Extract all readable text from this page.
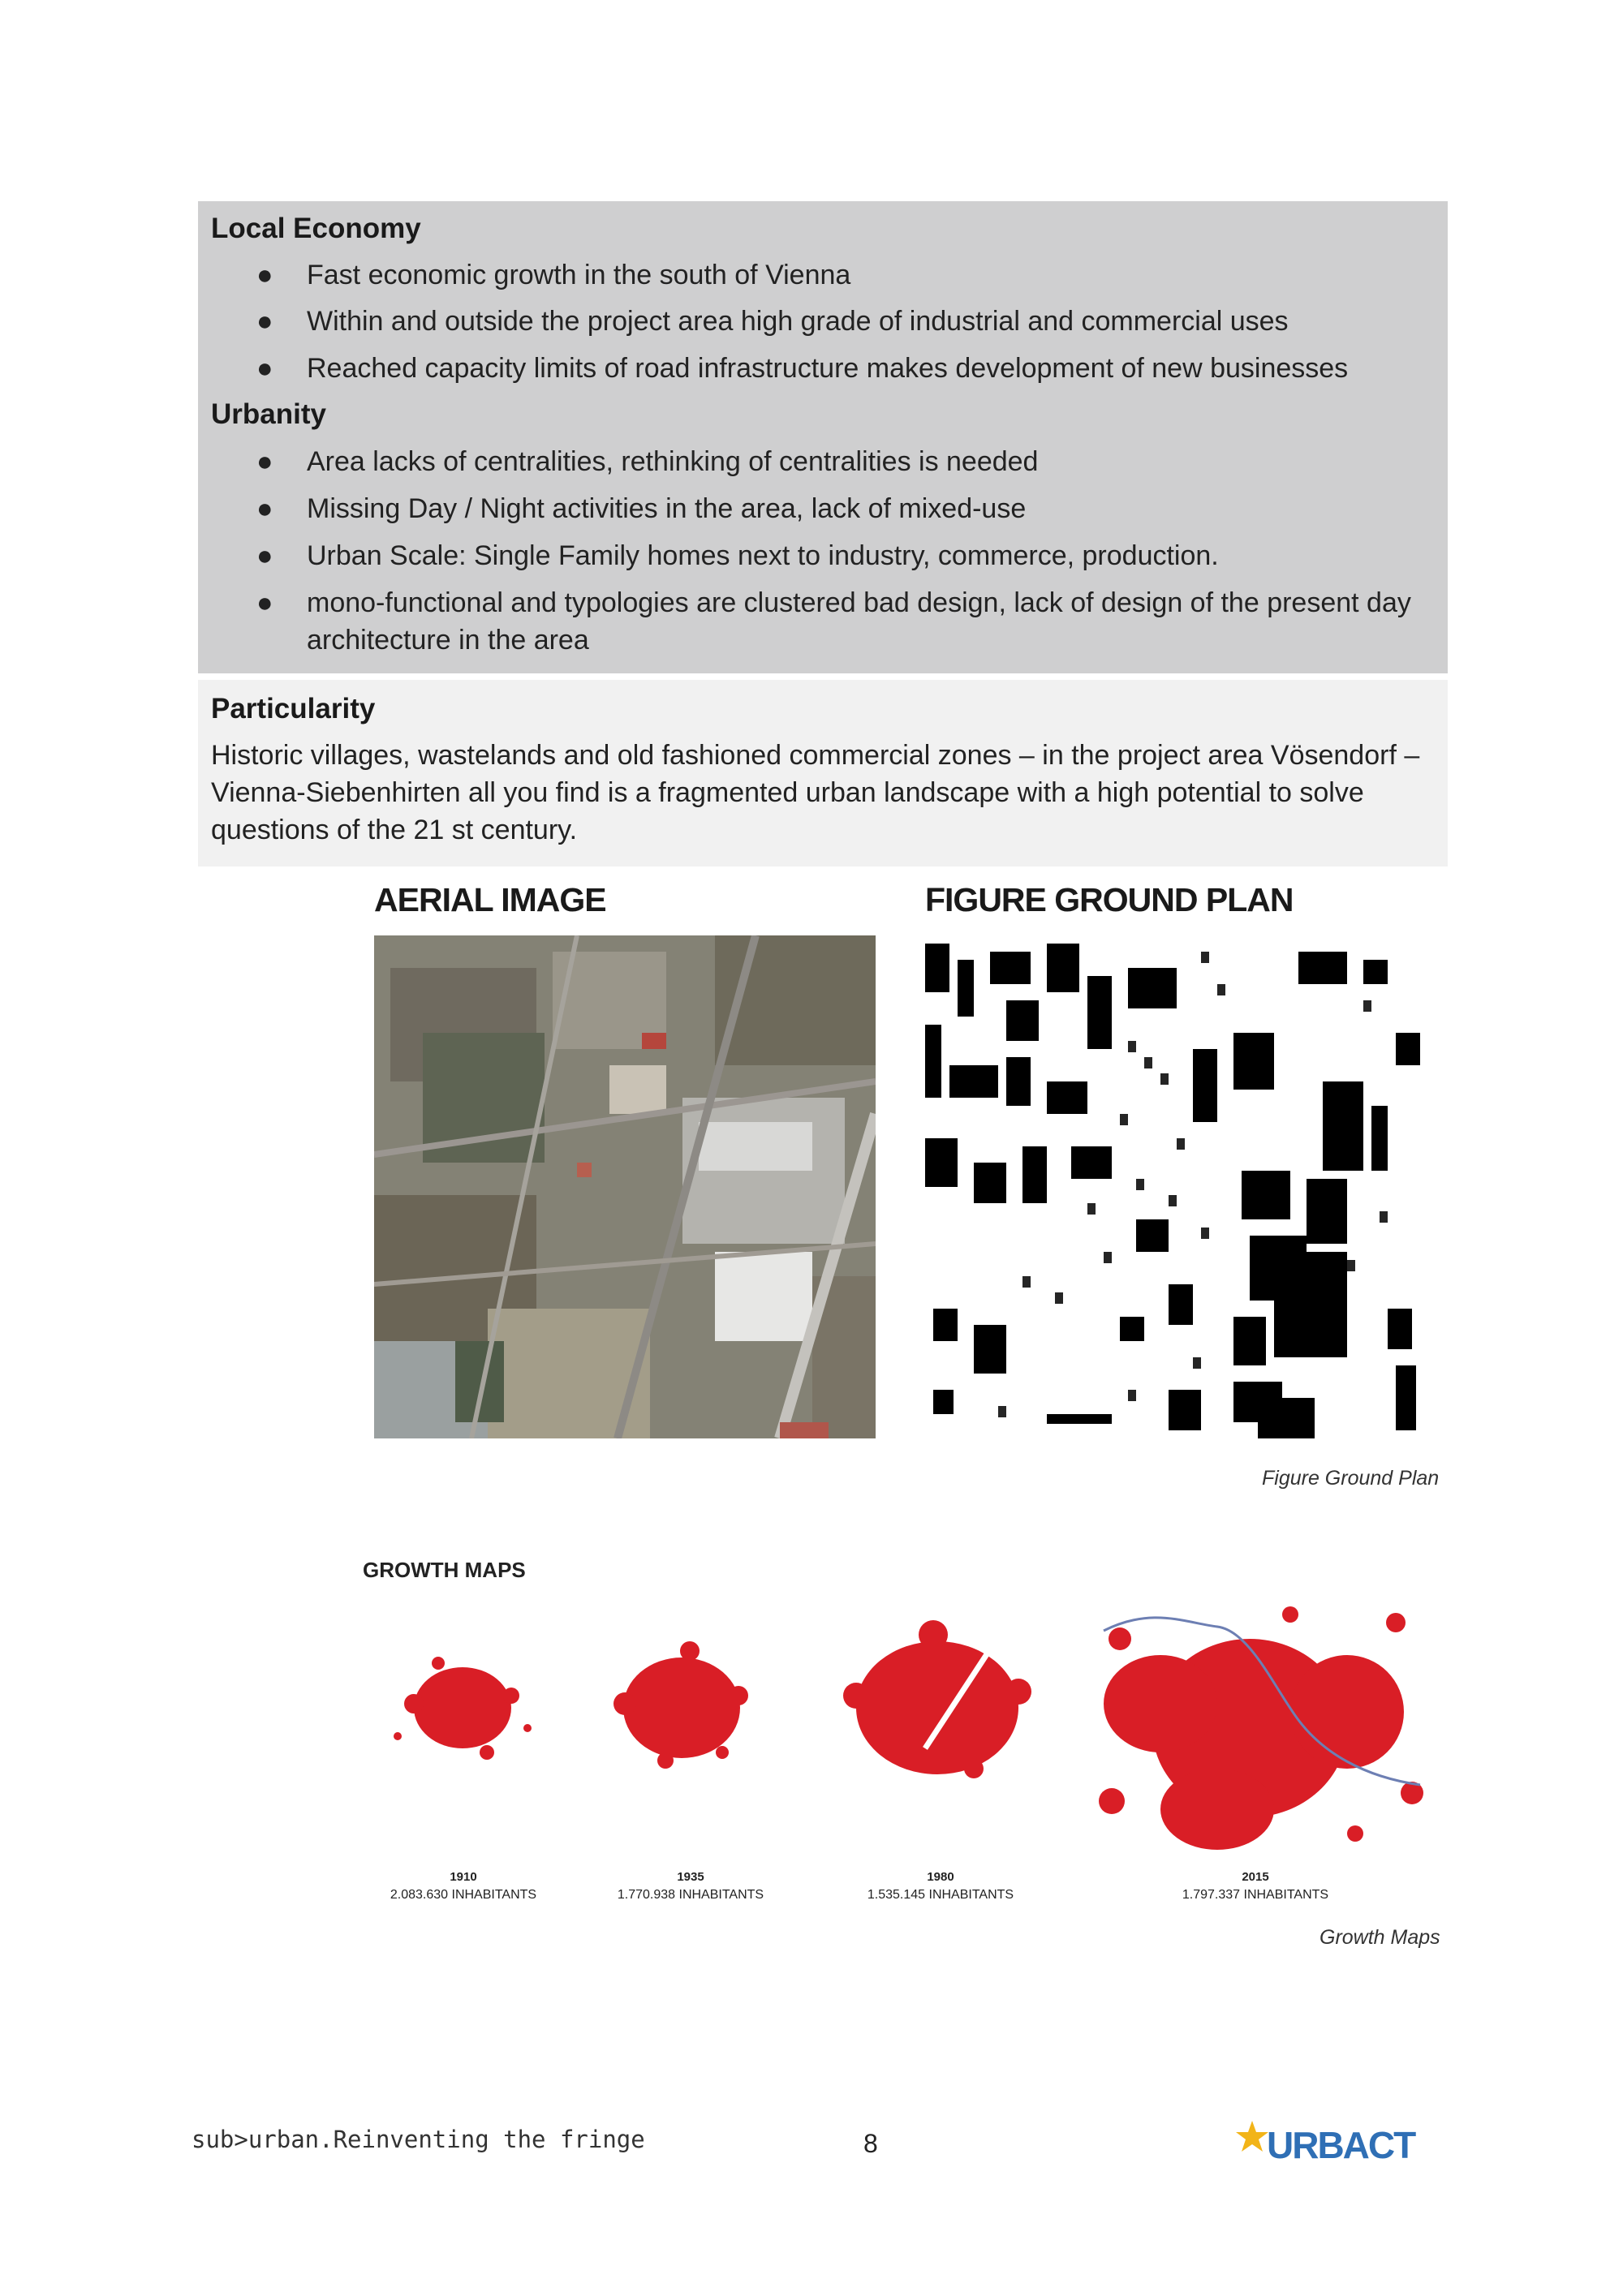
Local Economy
● Fast economic growth in the south of Vienna
● Within and outside the project area high grade of industrial and commercial uses
● Reached capacity limits of road infrastructure makes development of new businesses
Urbanity
● Area lacks of centralities, rethinking of centralities is needed
● Missing Day / Night activities in the area, lack of mixed-use
● Urban Scale: Single Family homes next to industry, commerce, production.
● mono-functional and typologies are clustered bad design, lack of design of the present day architecture in the area
Particularity
Historic villages, wastelands and old fashioned commercial zones – in the project area Vösendorf – Vienna-Siebenhirten all you find is a fragmented urban landscape with a high potential to solve questions of the 21 st century.
AERIAL IMAGE	FIGURE GROUND PLAN
Figure Ground Plan
GROWTH MAPS
1910
2.083.630 INHABITANTS
1935
1.770.938 INHABITANTS
1980
1.535.145 INHABITANTS
2015
1.797.337 INHABITANTS
Growth Maps
sub>urban.Reinventing the fringe	8	URBACT
